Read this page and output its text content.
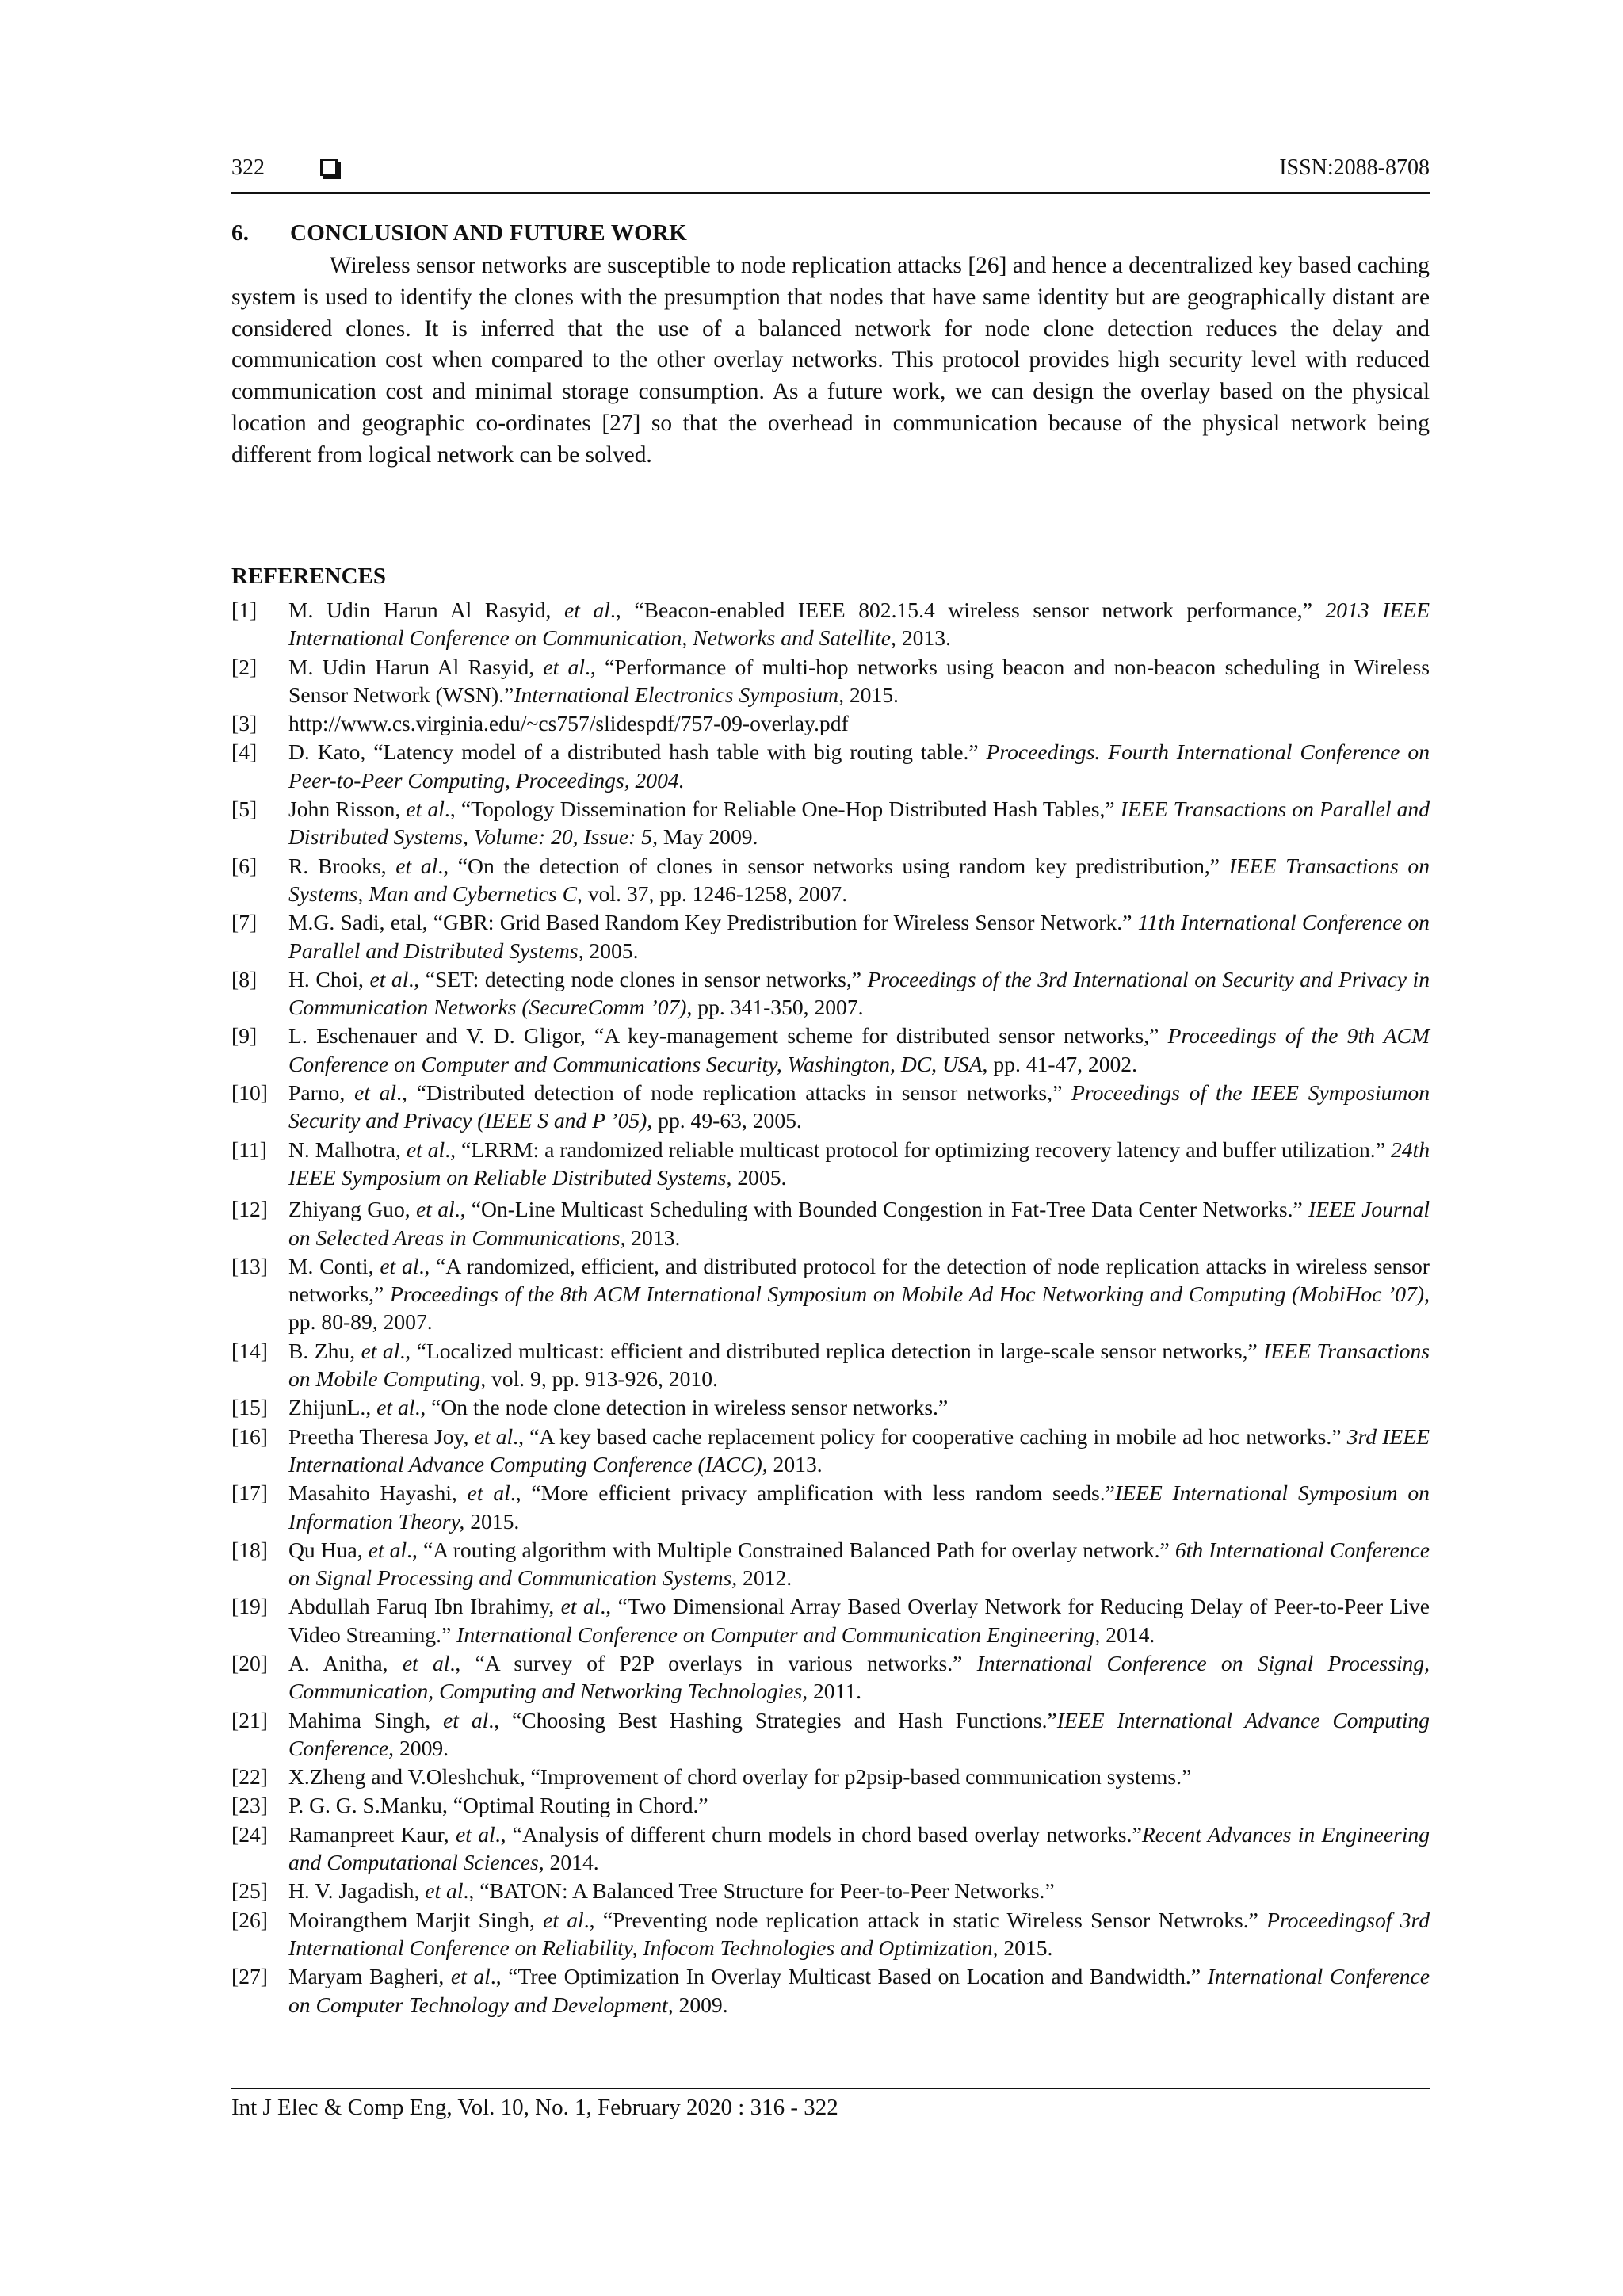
322	ISSN:2088-8708
6. CONCLUSION AND FUTURE WORK

Wireless sensor networks are susceptible to node replication attacks [26] and hence a decentralized key based caching system is used to identify the clones with the presumption that nodes that have same identity but are geographically distant are considered clones. It is inferred that the use of a balanced network for node clone detection reduces the delay and communication cost when compared to the other overlay networks. This protocol provides high security level with reduced communication cost and minimal storage consumption. As a future work, we can design the overlay based on the physical location and geographic co-ordinates [27] so that the overhead in communication because of the physical network being different from logical network can be solved.

REFERENCES
[1] M. Udin Harun Al Rasyid, et al., “Beacon-enabled IEEE 802.15.4 wireless sensor network performance,” 2013 IEEE International Conference on Communication, Networks and Satellite, 2013.
[2] M. Udin Harun Al Rasyid, et al., “Performance of multi-hop networks using beacon and non-beacon scheduling in Wireless Sensor Network (WSN).”International Electronics Symposium, 2015.
[3] http://www.cs.virginia.edu/~cs757/slidespdf/757-09-overlay.pdf
[4] D. Kato, “Latency model of a distributed hash table with big routing table.” Proceedings. Fourth International Conference on Peer-to-Peer Computing, Proceedings, 2004.
[5] John Risson, et al., “Topology Dissemination for Reliable One-Hop Distributed Hash Tables,” IEEE Transactions on Parallel and Distributed Systems, Volume: 20, Issue: 5, May 2009.
[6] R. Brooks, et al., “On the detection of clones in sensor networks using random key predistribution,” IEEE Transactions on Systems, Man and Cybernetics C, vol. 37, pp. 1246-1258, 2007.
[7] M.G. Sadi, etal, “GBR: Grid Based Random Key Predistribution for Wireless Sensor Network.” 11th International Conference on Parallel and Distributed Systems, 2005.
[8] H. Choi, et al., “SET: detecting node clones in sensor networks,” Proceedings of the 3rd International on Security and Privacy in Communication Networks (SecureComm ’07), pp. 341-350, 2007.
[9] L. Eschenauer and V. D. Gligor, “A key-management scheme for distributed sensor networks,” Proceedings of the 9th ACM Conference on Computer and Communications Security, Washington, DC, USA, pp. 41-47, 2002.
[10] Parno, et al., “Distributed detection of node replication attacks in sensor networks,” Proceedings of the IEEE Symposiumon Security and Privacy (IEEE S and P ’05), pp. 49-63, 2005.
[11] N. Malhotra, et al., “LRRM: a randomized reliable multicast protocol for optimizing recovery latency and buffer utilization.” 24th IEEE Symposium on Reliable Distributed Systems, 2005.
[12] Zhiyang Guo, et al., “On-Line Multicast Scheduling with Bounded Congestion in Fat-Tree Data Center Networks.” IEEE Journal on Selected Areas in Communications, 2013.
[13] M. Conti, et al., “A randomized, efficient, and distributed protocol for the detection of node replication attacks in wireless sensor networks,” Proceedings of the 8th ACM International Symposium on Mobile Ad Hoc Networking and Computing (MobiHoc ’07), pp. 80-89, 2007.
[14] B. Zhu, et al., “Localized multicast: efficient and distributed replica detection in large-scale sensor networks,” IEEE Transactions on Mobile Computing, vol. 9, pp. 913-926, 2010.
[15] ZhijunL., et al., “On the node clone detection in wireless sensor networks.”
[16] Preetha Theresa Joy, et al., “A key based cache replacement policy for cooperative caching in mobile ad hoc networks.” 3rd IEEE International Advance Computing Conference (IACC), 2013.
[17] Masahito Hayashi, et al., “More efficient privacy amplification with less random seeds.”IEEE International Symposium on Information Theory, 2015.
[18] Qu Hua, et al., “A routing algorithm with Multiple Constrained Balanced Path for overlay network.” 6th International Conference on Signal Processing and Communication Systems, 2012.
[19] Abdullah Faruq Ibn Ibrahimy, et al., “Two Dimensional Array Based Overlay Network for Reducing Delay of Peer-to-Peer Live Video Streaming.” International Conference on Computer and Communication Engineering, 2014.
[20] A. Anitha, et al., “A survey of P2P overlays in various networks.” International Conference on Signal Processing, Communication, Computing and Networking Technologies, 2011.
[21] Mahima Singh, et al., “Choosing Best Hashing Strategies and Hash Functions.”IEEE International Advance Computing Conference, 2009.
[22] X.Zheng and V.Oleshchuk, “Improvement of chord overlay for p2psip-based communication systems.”
[23] P. G. G. S.Manku, “Optimal Routing in Chord.”
[24] Ramanpreet Kaur, et al., “Analysis of different churn models in chord based overlay networks.”Recent Advances in Engineering and Computational Sciences, 2014.
[25] H. V. Jagadish, et al., “BATON: A Balanced Tree Structure for Peer-to-Peer Networks.”
[26] Moirangthem Marjit Singh, et al., “Preventing node replication attack in static Wireless Sensor Netwroks.” Proceedingsof 3rd International Conference on Reliability, Infocom Technologies and Optimization, 2015.
[27] Maryam Bagheri, et al., “Tree Optimization In Overlay Multicast Based on Location and Bandwidth.” International Conference on Computer Technology and Development, 2009.
Int J Elec & Comp Eng, Vol. 10, No. 1, February 2020 : 316 - 322
